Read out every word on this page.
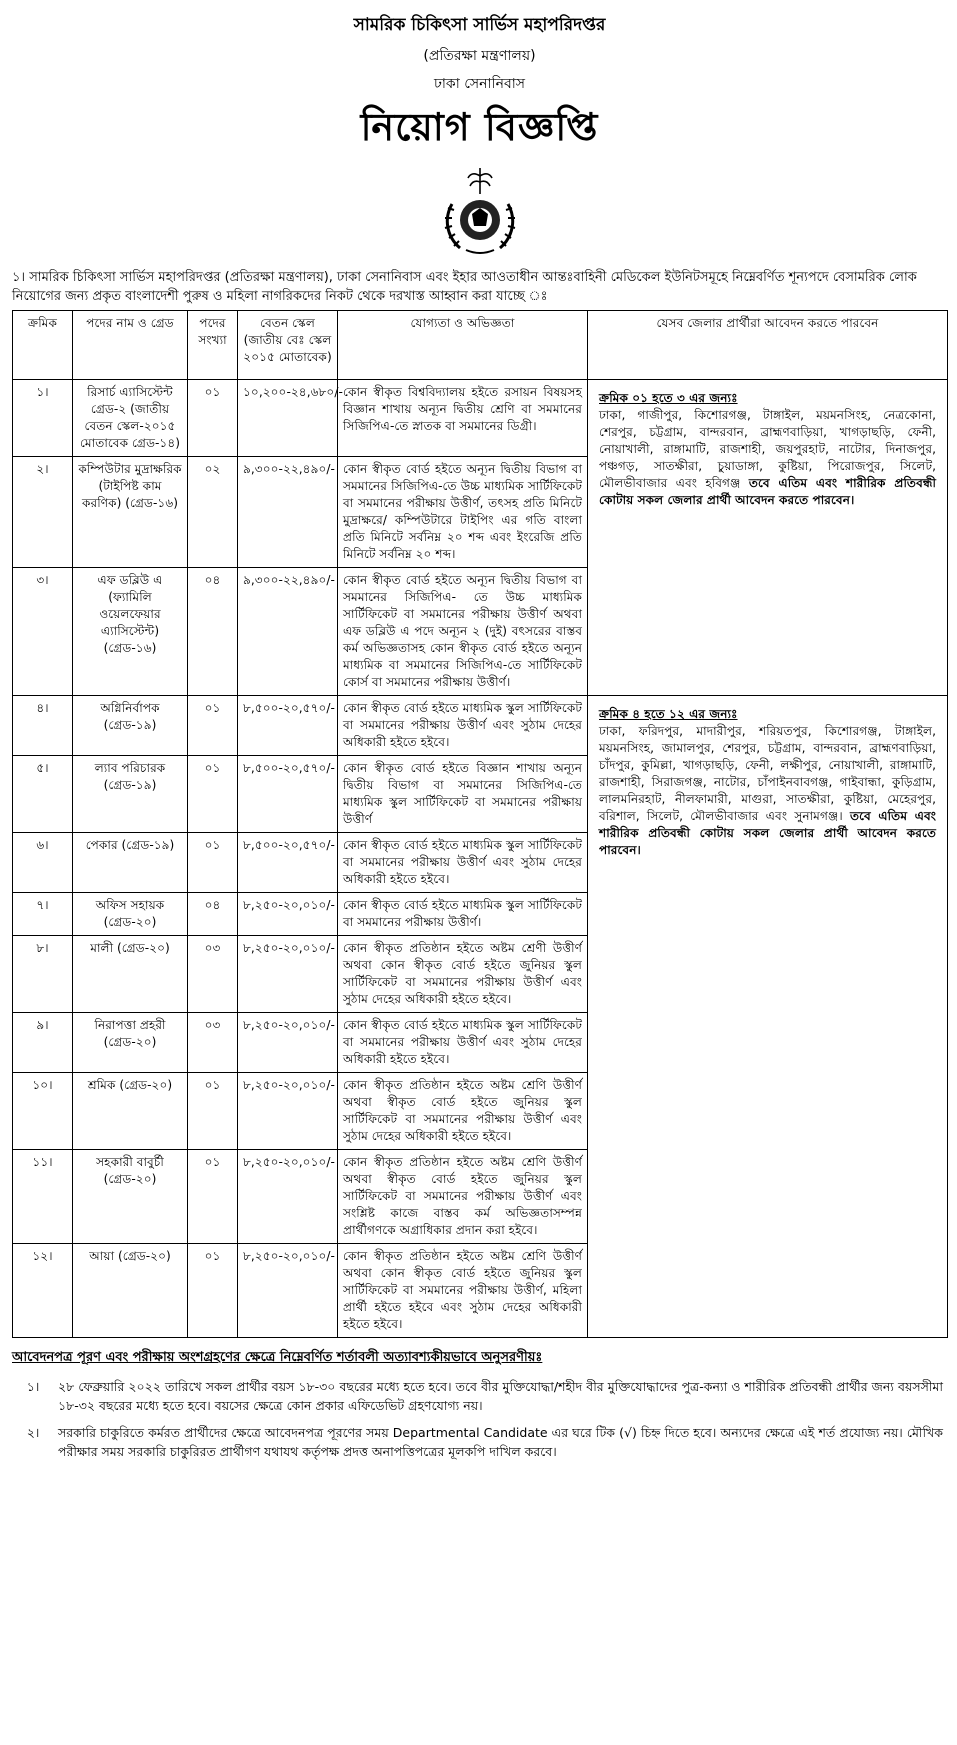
সামরিক চিকিৎসা সার্ভিস মহাপরিদপ্তর
(প্রতিরক্ষা মন্ত্রণালয়)
ঢাকা সেনানিবাস
নিয়োগ বিজ্ঞপ্তি
১। সামরিক চিকিৎসা সার্ভিস মহাপরিদপ্তর (প্রতিরক্ষা মন্ত্রণালয়), ঢাকা সেনানিবাস এবং ইহার আওতাধীন আন্তঃবাহিনী মেডিকেল ইউনিটসমূহে নিম্নেবর্ণিত শূন্যপদে বেসামরিক লোক নিয়োগের জন্য প্রকৃত বাংলাদেশী পুরুষ ও মহিলা নাগরিকদের নিকট থেকে দরখাস্ত আহ্বান করা যাচ্ছে ঃ
ক্রমিক	পদের নাম ও গ্রেড	পদের সংখ্যা	বেতন স্কেল (জাতীয় বেঃ স্কেল ২০১৫ মোতাবেক)	যোগ্যতা ও অভিজ্ঞতা	যেসব জেলার প্রার্থীরা আবেদন করতে পারবেন
১।	রিসার্চ এ্যাসিস্টেন্ট গ্রেড-২ (জাতীয় বেতন স্কেল-২০১৫ মোতাবেক গ্রেড-১৪)	০১	১০,২০০-২৪,৬৮০/-	কোন স্বীকৃত বিশ্ববিদ্যালয় হইতে রসায়ন বিষয়সহ বিজ্ঞান শাখায় অন্যূন দ্বিতীয় শ্রেণি বা সমমানের সিজিপিএ-তে স্নাতক বা সমমানের ডিগ্রী।	ক্রমিক ০১ হতে ৩ এর জন্যঃ
ঢাকা, গাজীপুর, কিশোরগঞ্জ, টাঙ্গাইল, ময়মনসিংহ, নেত্রকোনা, শেরপুর, চট্টগ্রাম, বান্দরবান, ব্রাহ্মণবাড়িয়া, খাগড়াছড়ি, ফেনী, নোয়াখালী, রাঙ্গামাটি, রাজশাহী, জয়পুরহাট, নাটোর, দিনাজপুর, পঞ্চগড়, সাতক্ষীরা, চুয়াডাঙ্গা, কুষ্টিয়া, পিরোজপুর, সিলেট, মৌলভীবাজার এবং হবিগঞ্জ তবে এতিম এবং শারীরিক প্রতিবন্ধী কোটায় সকল জেলার প্রার্থী আবেদন করতে পারবেন।

২।	কম্পিউটার মুদ্রাক্ষরিক (টাইপিষ্ট কাম করণিক) (গ্রেড-১৬)	০২	৯,৩০০-২২,৪৯০/-	কোন স্বীকৃত বোর্ড হইতে অন্যূন দ্বিতীয় বিভাগ বা সমমানের সিজিপিএ-তে উচ্চ মাধ্যমিক সার্টিফিকেট বা সমমানের পরীক্ষায় উত্তীর্ণ, তৎসহ প্রতি মিনিটে মুদ্রাক্ষরে/ কম্পিউটারে টাইপিং এর গতি বাংলা প্রতি মিনিটে সর্বনিম্ন ২০ শব্দ এবং ইংরেজি প্রতি মিনিটে সর্বনিম্ন ২০ শব্দ।	
৩।	এফ ডব্লিউ এ (ফ্যামিলি ওয়েলফেয়ার এ্যাসিস্টেন্ট) (গ্রেড-১৬)	০৪	৯,৩০০-২২,৪৯০/-	কোন স্বীকৃত বোর্ড হইতে অন্যূন দ্বিতীয় বিভাগ বা সমমানের সিজিপিএ- তে উচ্চ মাধ্যমিক সার্টিফিকেট বা সমমানের পরীক্ষায় উত্তীর্ণ অথবা এফ ডব্লিউ এ পদে অন্যূন ২ (দুই) বৎসরের বাস্তব কর্ম অভিজ্ঞতাসহ কোন স্বীকৃত বোর্ড হইতে অন্যূন মাধ্যমিক বা সমমানের সিজিপিএ-তে সার্টিফিকেট কোর্স বা সমমানের পরীক্ষায় উত্তীর্ণ।	
৪।	অগ্নিনির্বাপক (গ্রেড-১৯)	০১	৮,৫০০-২০,৫৭০/-	কোন স্বীকৃত বোর্ড হইতে মাধ্যমিক স্কুল সার্টিফিকেট বা সমমানের পরীক্ষায় উত্তীর্ণ এবং সুঠাম দেহের অধিকারী হইতে হইবে।	ক্রমিক ৪ হতে ১২ এর জন্যঃ
ঢাকা, ফরিদপুর, মাদারীপুর, শরিয়তপুর, কিশোরগঞ্জ, টাঙ্গাইল, ময়মনসিংহ, জামালপুর, শেরপুর, চট্টগ্রাম, বান্দরবান, ব্রাহ্মণবাড়িয়া, চাঁদপুর, কুমিল্লা, খাগড়াছড়ি, ফেনী, লক্ষীপুর, নোয়াখালী, রাঙ্গামাটি, রাজশাহী, সিরাজগঞ্জ, নাটোর, চাঁপাইনবাবগঞ্জ, গাইবান্ধা, কুড়িগ্রাম, লালমনিরহাট, নীলফামারী, মাগুরা, সাতক্ষীরা, কুষ্টিয়া, মেহেরপুর, বরিশাল, সিলেট, মৌলভীবাজার এবং সুনামগঞ্জ। তবে এতিম এবং শারীরিক প্রতিবন্ধী কোটায় সকল জেলার প্রার্থী আবেদন করতে পারবেন।

৫।	ল্যাব পরিচারক (গ্রেড-১৯)	০১	৮,৫০০-২০,৫৭০/-	কোন স্বীকৃত বোর্ড হইতে বিজ্ঞান শাখায় অন্যূন দ্বিতীয় বিভাগ বা সমমানের সিজিপিএ-তে মাধ্যমিক স্কুল সার্টিফিকেট বা সমমানের পরীক্ষায় উত্তীর্ণ	
৬।	পেকার (গ্রেড-১৯)	০১	৮,৫০০-২০,৫৭০/-	কোন স্বীকৃত বোর্ড হইতে মাধ্যমিক স্কুল সার্টিফিকেট বা সমমানের পরীক্ষায় উত্তীর্ণ এবং সুঠাম দেহের অধিকারী হইতে হইবে।	
৭।	অফিস সহায়ক (গ্রেড-২০)	০৪	৮,২৫০-২০,০১০/-	কোন স্বীকৃত বোর্ড হইতে মাধ্যমিক স্কুল সার্টিফিকেট বা সমমানের পরীক্ষায় উত্তীর্ণ।	
৮।	মালী (গ্রেড-২০)	০৩	৮,২৫০-২০,০১০/-	কোন স্বীকৃত প্রতিষ্ঠান হইতে অষ্টম শ্রেণী উত্তীর্ণ অথবা কোন স্বীকৃত বোর্ড হইতে জুনিয়র স্কুল সার্টিফিকেট বা সমমানের পরীক্ষায় উত্তীর্ণ এবং সুঠাম দেহের অধিকারী হইতে হইবে।	
৯।	নিরাপত্তা প্রহরী (গ্রেড-২০)	০৩	৮,২৫০-২০,০১০/-	কোন স্বীকৃত বোর্ড হইতে মাধ্যমিক স্কুল সার্টিফিকেট বা সমমানের পরীক্ষায় উত্তীর্ণ এবং সুঠাম দেহের অধিকারী হইতে হইবে।	
১০।	শ্রমিক (গ্রেড-২০)	০১	৮,২৫০-২০,০১০/-	কোন স্বীকৃত প্রতিষ্ঠান হইতে অষ্টম শ্রেণি উত্তীর্ণ অথবা স্বীকৃত বোর্ড হইতে জুনিয়র স্কুল সার্টিফিকেট বা সমমানের পরীক্ষায় উত্তীর্ণ এবং সুঠাম দেহের অধিকারী হইতে হইবে।	
১১।	সহকারী বাবুর্চী (গ্রেড-২০)	০১	৮,২৫০-২০,০১০/-	কোন স্বীকৃত প্রতিষ্ঠান হইতে অষ্টম শ্রেণি উত্তীর্ণ অথবা স্বীকৃত বোর্ড হইতে জুনিয়র স্কুল সার্টিফিকেট বা সমমানের পরীক্ষায় উত্তীর্ণ এবং সংশ্লিষ্ট কাজে বাস্তব কর্ম অভিজ্ঞতাসম্পন্ন প্রার্থীগণকে অগ্রাধিকার প্রদান করা হইবে।	
১২।	আয়া (গ্রেড-২০)	০১	৮,২৫০-২০,০১০/-	কোন স্বীকৃত প্রতিষ্ঠান হইতে অষ্টম শ্রেণি উত্তীর্ণ অথবা কোন স্বীকৃত বোর্ড হইতে জুনিয়র স্কুল সার্টিফিকেট বা সমমানের পরীক্ষায় উত্তীর্ণ, মহিলা প্রার্থী হইতে হইবে এবং সুঠাম দেহের অধিকারী হইতে হইবে।	
আবেদনপত্র পূরণ এবং পরীক্ষায় অংশগ্রহণের ক্ষেত্রে নিম্নেবর্ণিত শর্তাবলী অত্যাবশ্যকীয়ভাবে অনুসরণীয়ঃ
১।	২৮ ফেব্রুয়ারি ২০২২ তারিখে সকল প্রার্থীর বয়স ১৮-৩০ বছরের মধ্যে হতে হবে। তবে বীর মুক্তিযোদ্ধা/শহীদ বীর মুক্তিযোদ্ধাদের পুত্র-কন্যা ও শারীরিক প্রতিবন্ধী প্রার্থীর জন্য বয়সসীমা ১৮-৩২ বছরের মধ্যে হতে হবে। বয়সের ক্ষেত্রে কোন প্রকার এফিডেভিট গ্রহণযোগ্য নয়।
২।	সরকারি চাকুরিতে কর্মরত প্রার্থীদের ক্ষেত্রে আবেদনপত্র পূরণের সময় Departmental Candidate এর ঘরে টিক (√) চিহ্ন দিতে হবে। অন্যদের ক্ষেত্রে এই শর্ত প্রযোজ্য নয়। মৌখিক পরীক্ষার সময় সরকারি চাকুরিরত প্রার্থীগণ যথাযথ কর্তৃপক্ষ প্রদত্ত অনাপত্তিপত্রের মূলকপি দাখিল করবে।
